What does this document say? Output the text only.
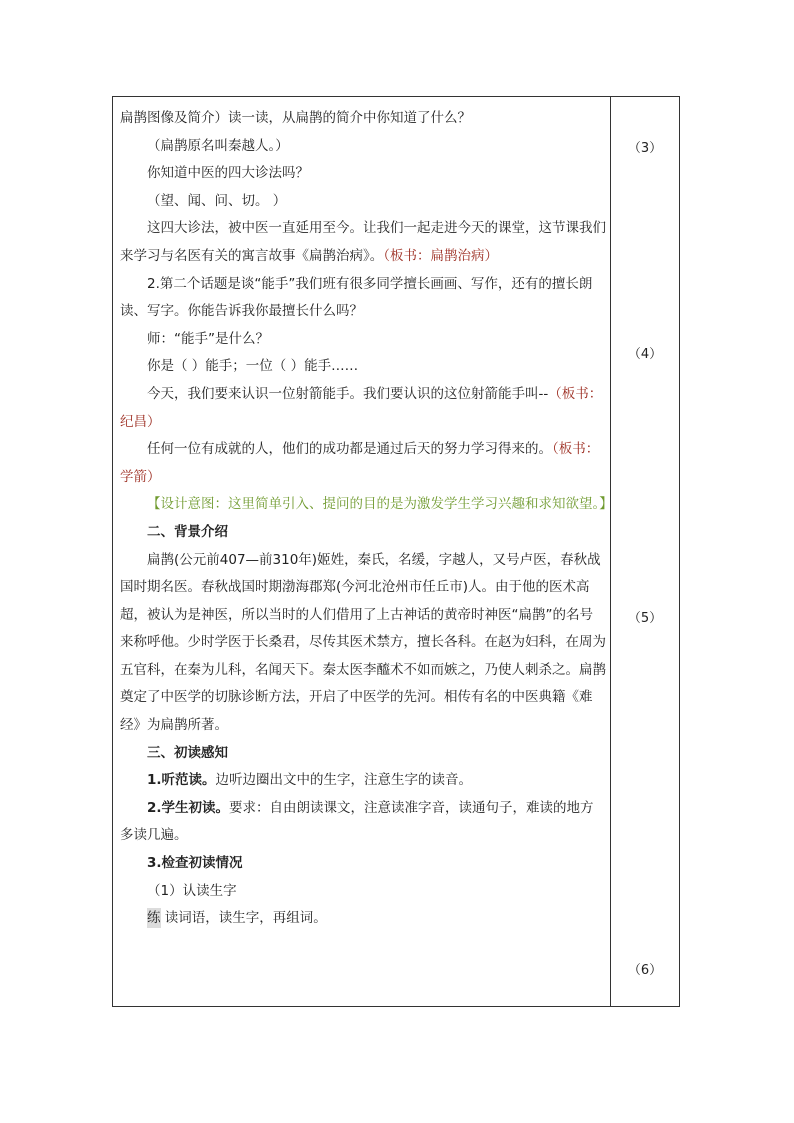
扁鹊图像及简介）读一读，从扁鹊的简介中你知道了什么？

（扁鹊原名叫秦越人。）

你知道中医的四大诊法吗？

（望、闻、问、切。 ）

这四大诊法，被中医一直延用至今。让我们一起走进今天的课堂，这节课我们来学习与名医有关的寓言故事《扁鹊治病》。（板书：扁鹊治病）

2.第二个话题是谈“能手”我们班有很多同学擅长画画、写作，还有的擅长朗读、写字。你能告诉我你最擅长什么吗？

师：“能手”是什么？

你是（ ）能手；一位（ ）能手……

今天，我们要来认识一位射箭能手。我们要认识的这位射箭能手叫--（板书：纪昌）

任何一位有成就的人，他们的成功都是通过后天的努力学习得来的。（板书：学箭）

【设计意图：这里简单引入、提问的目的是为激发学生学习兴趣和求知欲望。】

二、背景介绍

扁鹊(公元前407—前310年)姬姓，秦氏，名缓，字越人，又号卢医，春秋战国时期名医。春秋战国时期渤海郡郑(今河北沧州市任丘市)人。由于他的医术高超，被认为是神医，所以当时的人们借用了上古神话的黄帝时神医“扁鹊”的名号来称呼他。少时学医于长桑君，尽传其医术禁方，擅长各科。在赵为妇科，在周为五官科，在秦为儿科，名闻天下。秦太医李醯术不如而嫉之，乃使人刺杀之。扁鹊奠定了中医学的切脉诊断方法，开启了中医学的先河。相传有名的中医典籍《难经》为扁鹊所著。

三、初读感知

1.听范读。边听边圈出文中的生字，注意生字的读音。

2.学生初读。要求：自由朗读课文，注意读准字音，读通句子，难读的地方多读几遍。

3.检查初读情况

（1）认读生字

练 读词语，读生字，再组词。

（3）
（4）
（5）
（6）
